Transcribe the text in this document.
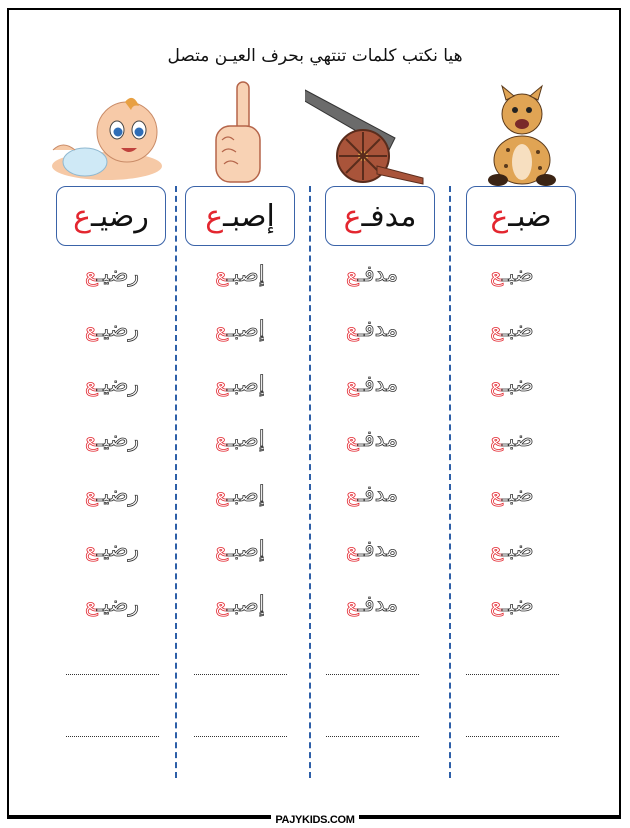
هيا نكتب كلمات تنتهي بحرف العيـن متصل
ضبـ
ع
مدفـ
ع
إصبـ
ع
رضيـ
ع
ضبـع
ضبـع
ضبـع
ضبـع
ضبـع
ضبـع
ضبـع
مدفـع
مدفـع
مدفـع
مدفـع
مدفـع
مدفـع
مدفـع
إصبـع
إصبـع
إصبـع
إصبـع
إصبـع
إصبـع
إصبـع
رضيـع
رضيـع
رضيـع
رضيـع
رضيـع
رضيـع
رضيـع
PAJYKIDS.COM
